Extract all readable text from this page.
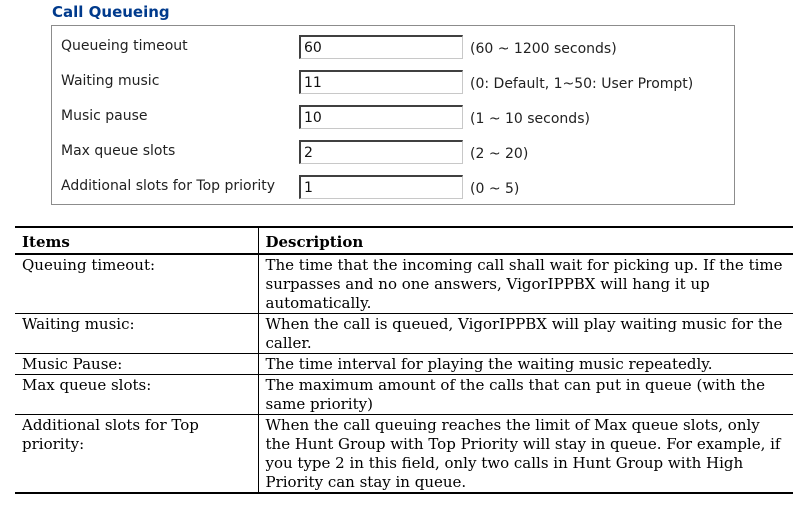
Call Queueing
Queueing timeout
60	(60 ~ 1200 seconds)
Waiting music
11	(0: Default, 1~50: User Prompt)
Music pause
10	(1 ~ 10 seconds)
Max queue slots
2	(2 ~ 20)
Additional slots for Top priority
1	(0 ~ 5)
Items	Description
Queuing timeout:	The time that the incoming call shall wait for picking up. If the time surpasses and no one answers, VigorIPPBX will hang it up automatically.
Waiting music:	When the call is queued, VigorIPPBX will play waiting music for the caller.
Music Pause:	The time interval for playing the waiting music repeatedly.
Max queue slots:	The maximum amount of the calls that can put in queue (with the same priority)
Additional slots for Top priority:	When the call queuing reaches the limit of Max queue slots, only the Hunt Group with Top Priority will stay in queue. For example, if you type 2 in this field, only two calls in Hunt Group with High Priority can stay in queue.
